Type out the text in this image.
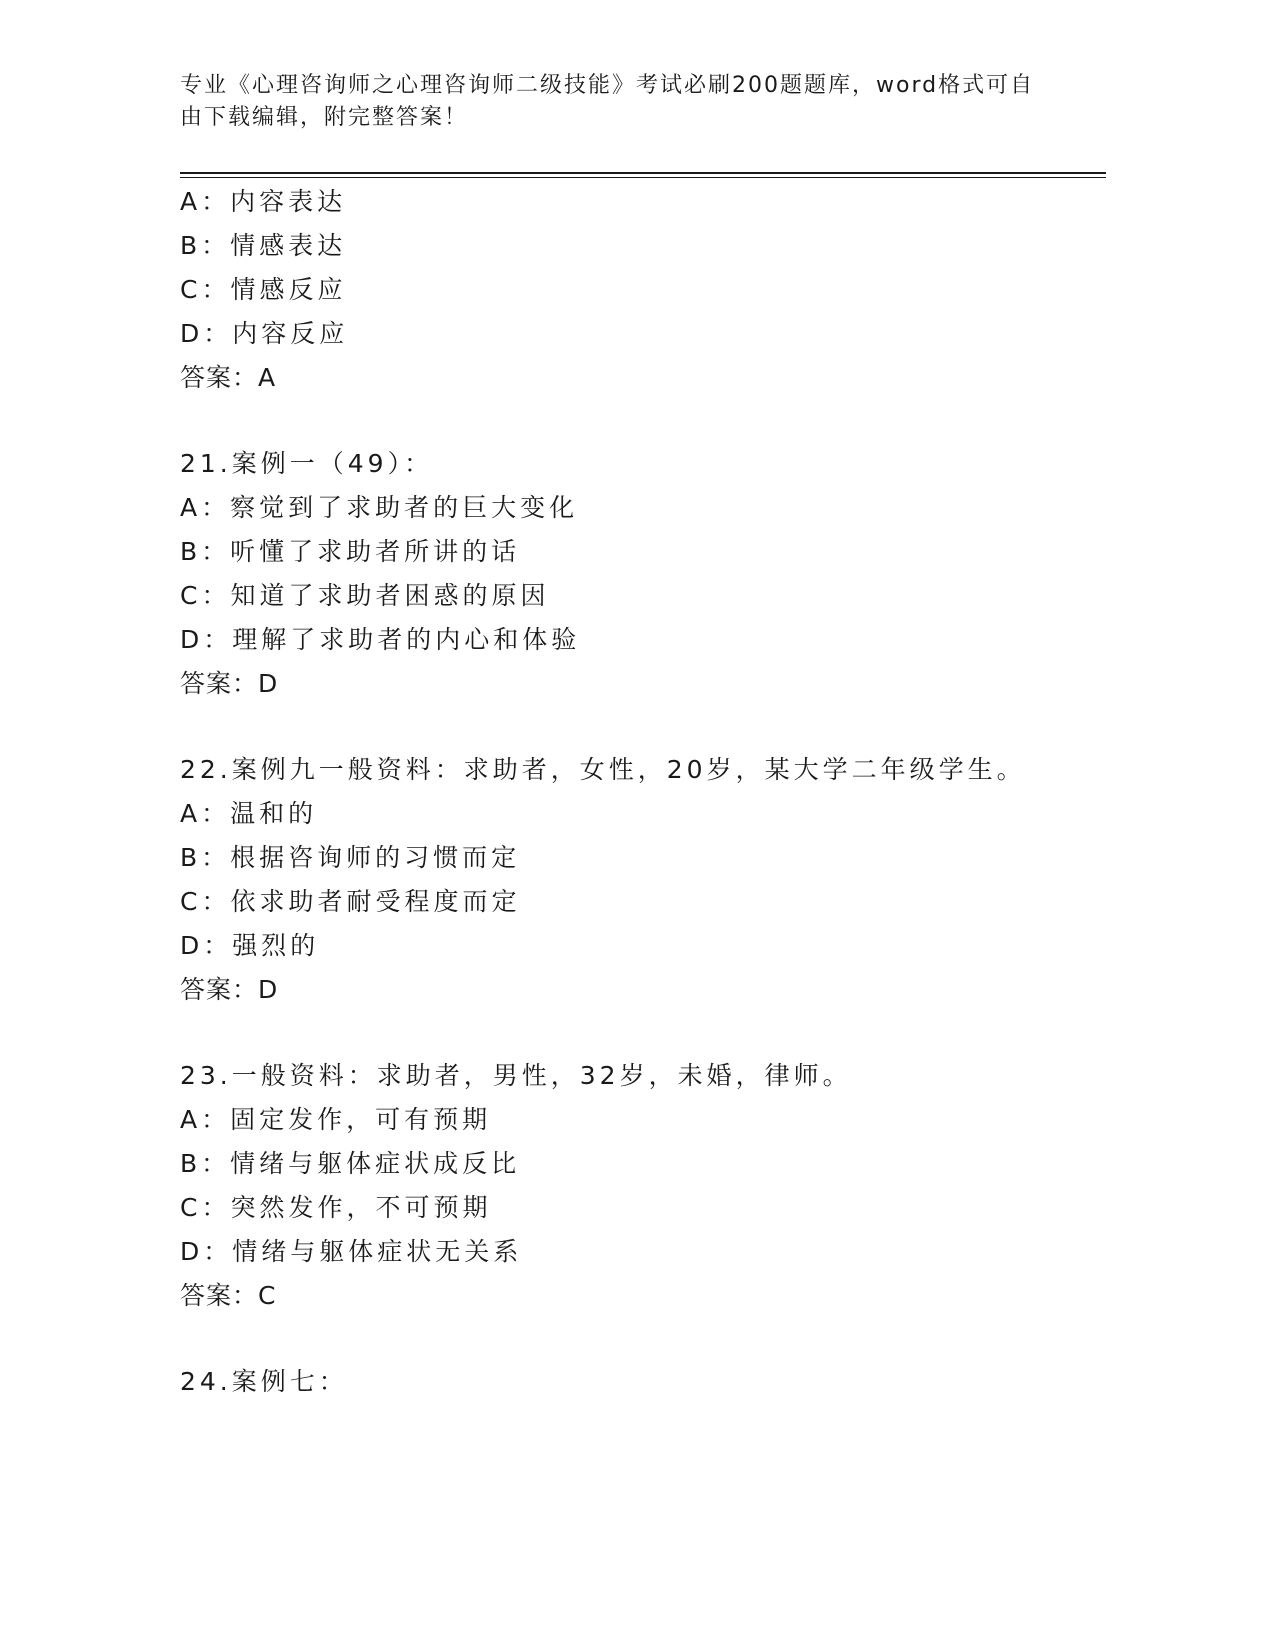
专业《心理咨询师之心理咨询师二级技能》考试必刷200题题库，word格式可自
由下载编辑，附完整答案！
A：内容表达
B：情感表达
C：情感反应
D：内容反应
答案：A
21.案例一（49）：
A：察觉到了求助者的巨大变化
B：听懂了求助者所讲的话
C：知道了求助者困惑的原因
D：理解了求助者的内心和体验
答案：D
22.案例九一般资料：求助者，女性，20岁，某大学二年级学生。
A：温和的
B：根据咨询师的习惯而定
C：依求助者耐受程度而定
D：强烈的
答案：D
23.一般资料：求助者，男性，32岁，未婚，律师。
A：固定发作，可有预期
B：情绪与躯体症状成反比
C：突然发作，不可预期
D：情绪与躯体症状无关系
答案：C
24.案例七：
